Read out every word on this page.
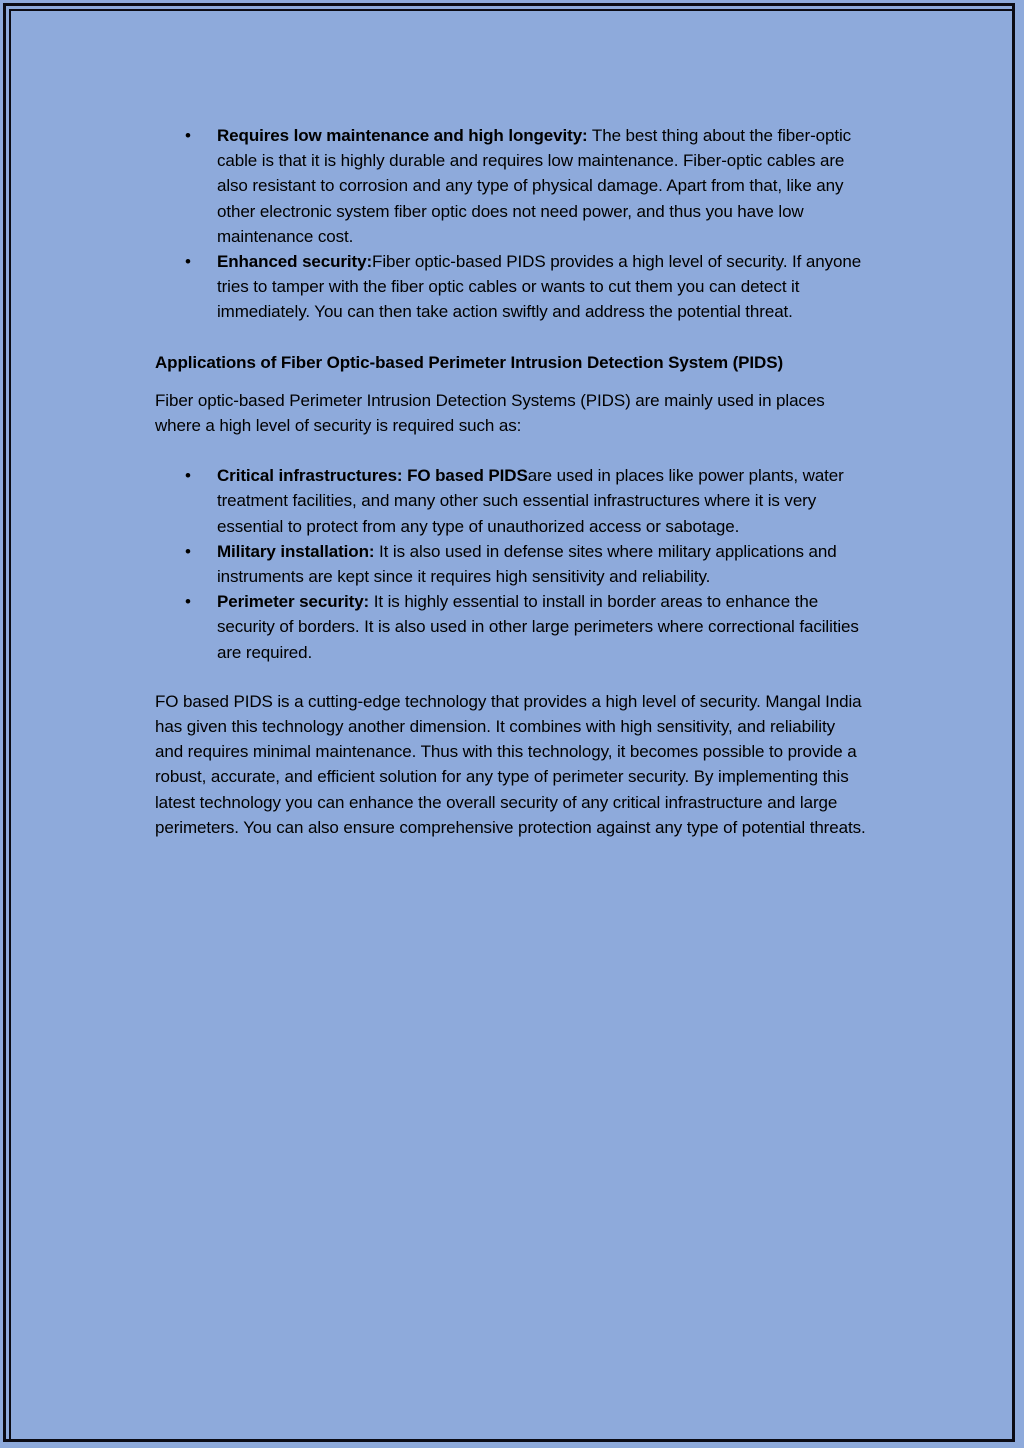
• Requires low maintenance and high longevity: The best thing about the fiber-optic cable is that it is highly durable and requires low maintenance. Fiber-optic cables are also resistant to corrosion and any type of physical damage. Apart from that, like any other electronic system fiber optic does not need power, and thus you have low maintenance cost.
• Enhanced security:Fiber optic-based PIDS provides a high level of security. If anyone tries to tamper with the fiber optic cables or wants to cut them you can detect it immediately. You can then take action swiftly and address the potential threat.

Applications of Fiber Optic-based Perimeter Intrusion Detection System (PIDS)

Fiber optic-based Perimeter Intrusion Detection Systems (PIDS) are mainly used in places where a high level of security is required such as:

• Critical infrastructures: FO based PIDSare used in places like power plants, water treatment facilities, and many other such essential infrastructures where it is very essential to protect from any type of unauthorized access or sabotage.
• Military installation: It is also used in defense sites where military applications and instruments are kept since it requires high sensitivity and reliability.
• Perimeter security: It is highly essential to install in border areas to enhance the security of borders. It is also used in other large perimeters where correctional facilities are required.

FO based PIDS is a cutting-edge technology that provides a high level of security. Mangal India has given this technology another dimension. It combines with high sensitivity, and reliability and requires minimal maintenance. Thus with this technology, it becomes possible to provide a robust, accurate, and efficient solution for any type of perimeter security. By implementing this latest technology you can enhance the overall security of any critical infrastructure and large perimeters. You can also ensure comprehensive protection against any type of potential threats.
